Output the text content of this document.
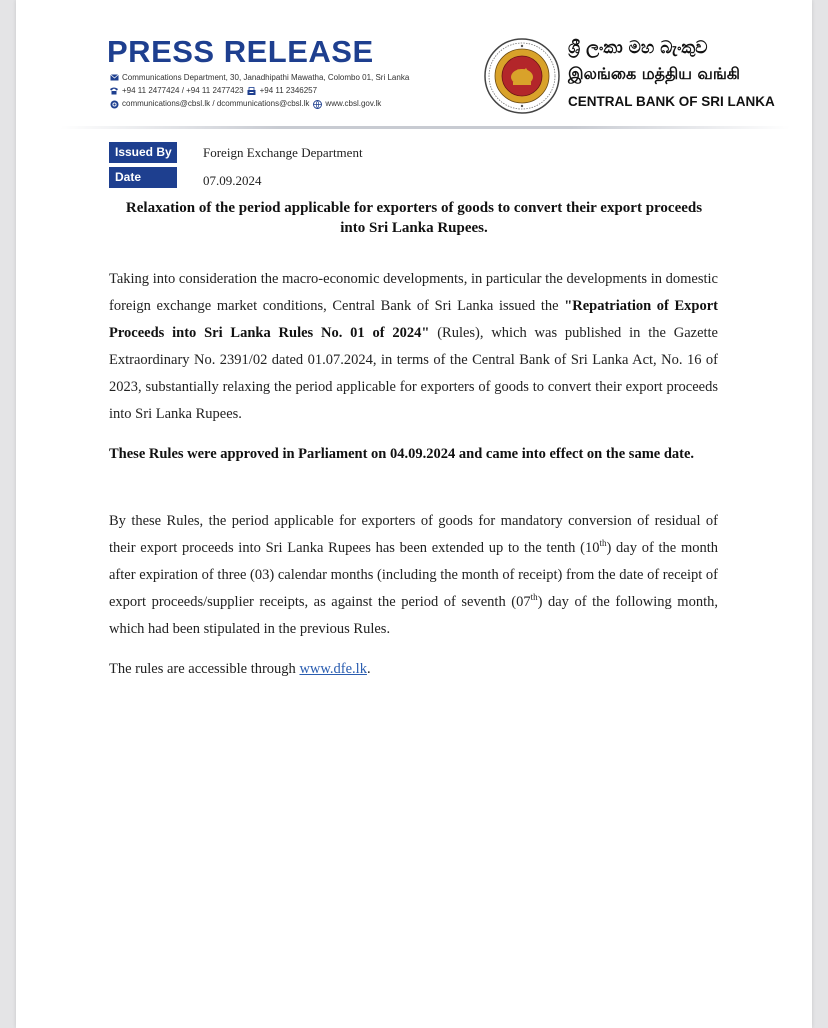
PRESS RELEASE
Communications Department, 30, Janadhipathi Mawatha, Colombo 01, Sri Lanka
+94 11 2477424 / +94 11 2477423 +94 11 2346257
communications@cbsl.lk / dcommunications@cbsl.lk www.cbsl.gov.lk
ශ්‍රී ලංකා මහ බැංකුව
இலங்கை மத்திய வங்கி
CENTRAL BANK OF SRI LANKA
Issued By	Foreign Exchange Department
Date	07.09.2024
Relaxation of the period applicable for exporters of goods to convert their export proceeds into Sri Lanka Rupees.
Taking into consideration the macro-economic developments, in particular the developments in domestic foreign exchange market conditions, Central Bank of Sri Lanka issued the "Repatriation of Export Proceeds into Sri Lanka Rules No. 01 of 2024" (Rules), which was published in the Gazette Extraordinary No. 2391/02 dated 01.07.2024, in terms of the Central Bank of Sri Lanka Act, No. 16 of 2023, substantially relaxing the period applicable for exporters of goods to convert their export proceeds into Sri Lanka Rupees.
These Rules were approved in Parliament on 04.09.2024 and came into effect on the same date.
By these Rules, the period applicable for exporters of goods for mandatory conversion of residual of their export proceeds into Sri Lanka Rupees has been extended up to the tenth (10th) day of the month after expiration of three (03) calendar months (including the month of receipt) from the date of receipt of export proceeds/supplier receipts, as against the period of seventh (07th) day of the following month, which had been stipulated in the previous Rules.
The rules are accessible through www.dfe.lk.
